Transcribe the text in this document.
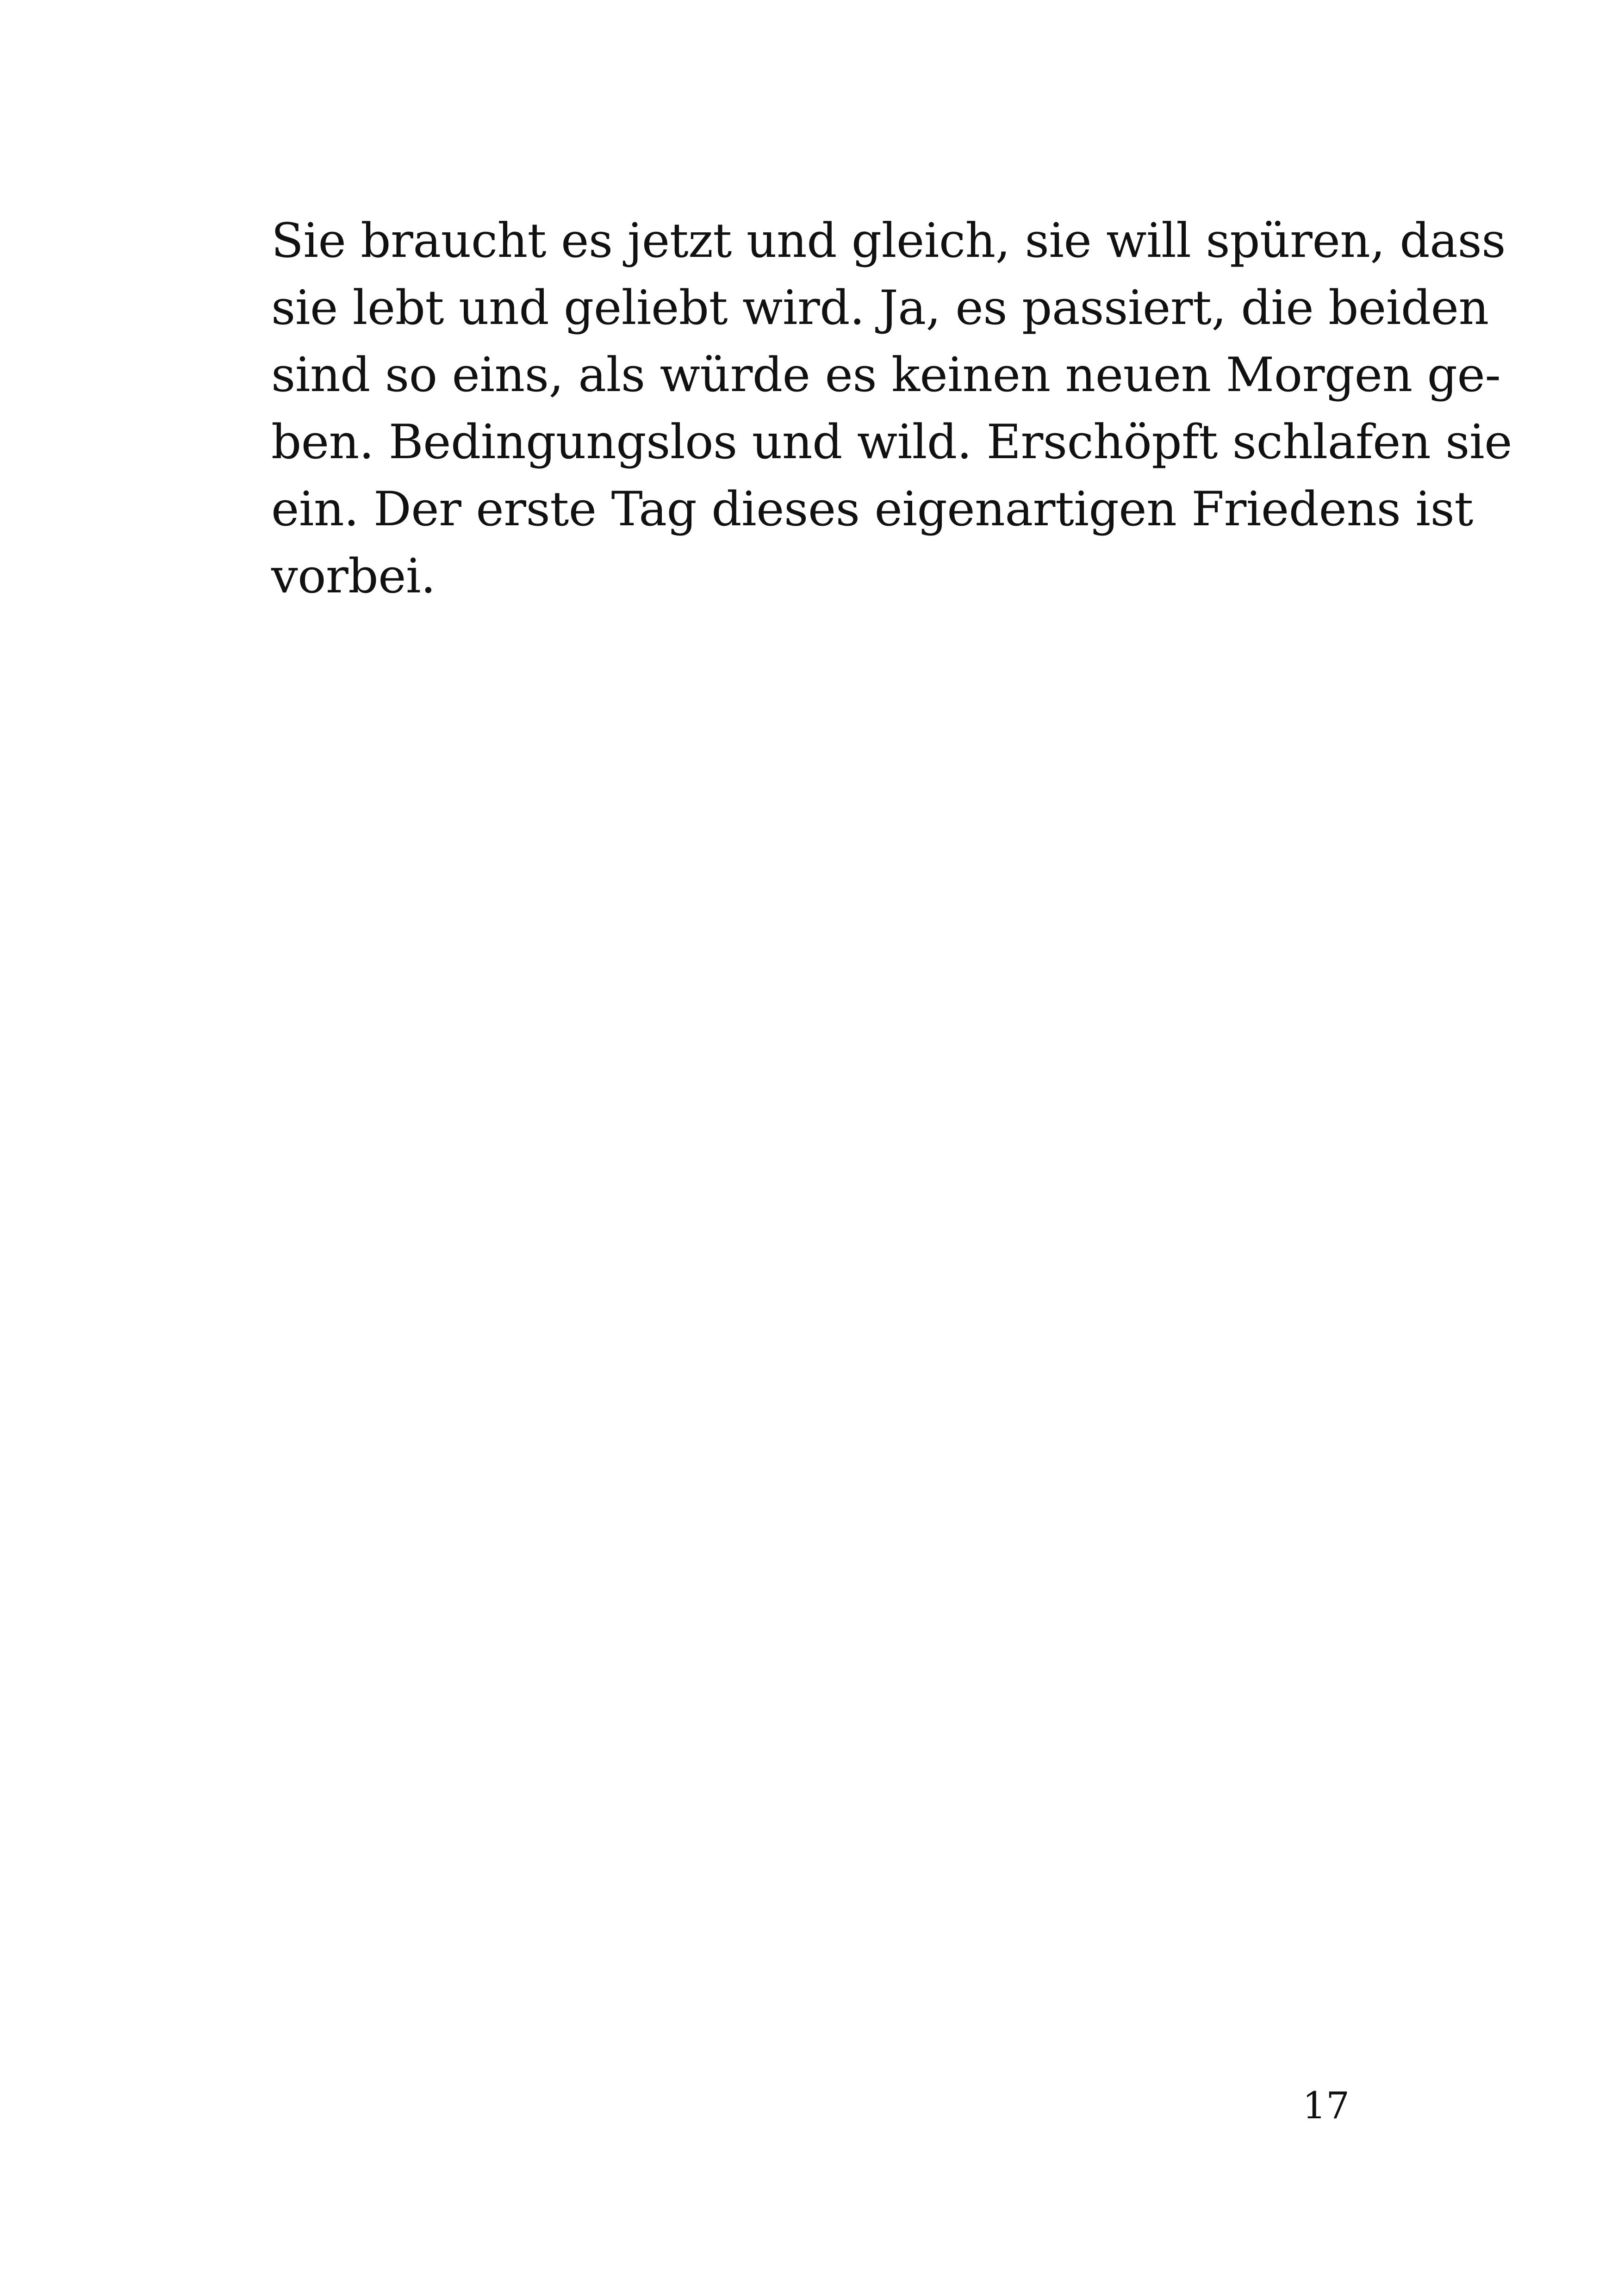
Sie braucht es jetzt und gleich, sie will spüren, dass
sie lebt und geliebt wird. Ja, es passiert, die beiden
sind so eins, als würde es keinen neuen Morgen ge-
ben. Bedingungslos und wild. Erschöpft schlafen sie
ein. Der erste Tag dieses eigenartigen Friedens ist
vorbei.
17
